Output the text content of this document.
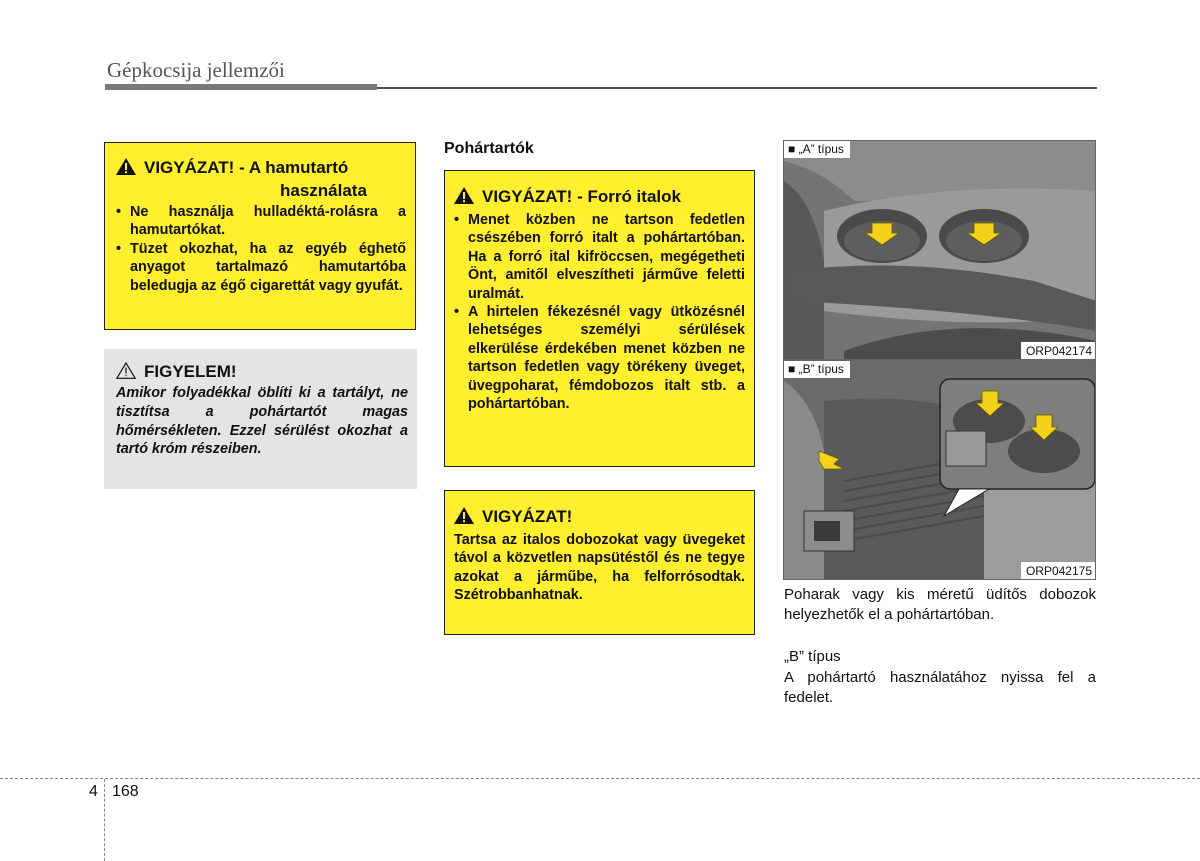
Gépkocsija jellemzői
VIGYÁZAT! - A hamutartó
használata
• Ne használja hulladéktá-rolásra a hamutartókat.
• Tüzet okozhat, ha az egyéb éghető anyagot tartalmazó hamutartóba beledugja az égő cigarettát vagy gyufát.
FIGYELEM!
Amikor folyadékkal öblíti ki a tartályt, ne tisztítsa a pohártartót magas hőmérsékleten. Ezzel sérülést okozhat a tartó króm részeiben.
Pohártartók
VIGYÁZAT! - Forró italok
• Menet közben ne tartson fedetlen csészében forró italt a pohártartóban. Ha a forró ital kifröccsen, megégetheti Önt, amitől elveszítheti járműve feletti uralmát.
• A hirtelen fékezésnél vagy ütközésnél lehetséges személyi sérülések elkerülése érdekében menet közben ne tartson fedetlen vagy törékeny üveget, üvegpoharat, fémdobozos italt stb. a pohártartóban.
VIGYÁZAT!
Tartsa az italos dobozokat vagy üvegeket távol a közvetlen napsütéstől és ne tegye azokat a járműbe, ha felforrósodtak. Szétrobbanhatnak.
■ „A” típus
ORP042174
■ „B” típus
ORP042175
Poharak vagy kis méretű üdítős dobozok helyezhetők el a pohártartóban.
„B” típus
A pohártartó használatához nyissa fel a fedelet.
4 168
